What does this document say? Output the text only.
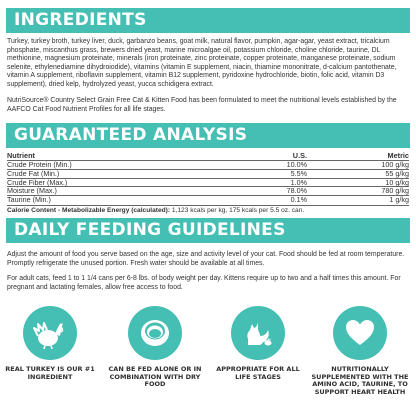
INGREDIENTS

Turkey, turkey broth, turkey liver, duck, garbanzo beans, goat milk, natural flavor, pumpkin, agar-agar, yeast extract, tricalcium phosphate, miscanthus grass, brewers dried yeast, marine microalgae oil, potassium chloride, choline chloride, taurine, DL methionine, magnesium proteinate, minerals (iron proteinate, zinc proteinate, copper proteinate, manganese proteinate, sodium selenite, ethylenediamine dihydroiodide), vitamins (vitamin E supplement, niacin, thiamine mononitrate, d-calcium pantothenate, vitamin A supplement, riboflavin supplement, vitamin B12 supplement, pyridoxine hydrochloride, biotin, folic acid, vitamin D3 supplement), dried kelp, hydrolyzed yeast, yucca schidigera extract.

NutriSource® Country Select Grain Free Cat & Kitten Food has been formulated to meet the nutritional levels established by the AAFCO Cat Food Nutrient Profiles for all life stages.

GUARANTEED ANALYSIS
Nutrient	U.S.	Metric
Crude Protein (Min.)	10.0%	100 g/kg
Crude Fat (Min.)	5.5%	55 g/kg
Crude Fiber (Max.)	1.0%	10 g/kg
Moisture (Max.)	78.0%	780 g/kg
Taurine (Min.)	0.1%	1 g/kg
Calorie Content - Metabolizable Energy (calculated): 1,123 kcals per kg, 175 kcals per 5.5 oz. can.
DAILY FEEDING GUIDELINES

Adjust the amount of food you serve based on the age, size and activity level of your cat. Food should be fed at room temperature. Promptly refrigerate the unused portion. Fresh water should be available at all times.

For adult cats, feed 1 to 1 1/4 cans per 6-8 lbs. of body weight per day. Kittens require up to two and a half times this amount. For pregnant and lactating females, allow free access to food.

REAL TURKEY IS OUR #1 INGREDIENT
CAN BE FED ALONE OR IN COMBINATION WITH DRY FOOD
APPROPRIATE FOR ALL LIFE STAGES
NUTRITIONALLY SUPPLEMENTED WITH THE AMINO ACID, TAURINE, TO SUPPORT HEART HEALTH
